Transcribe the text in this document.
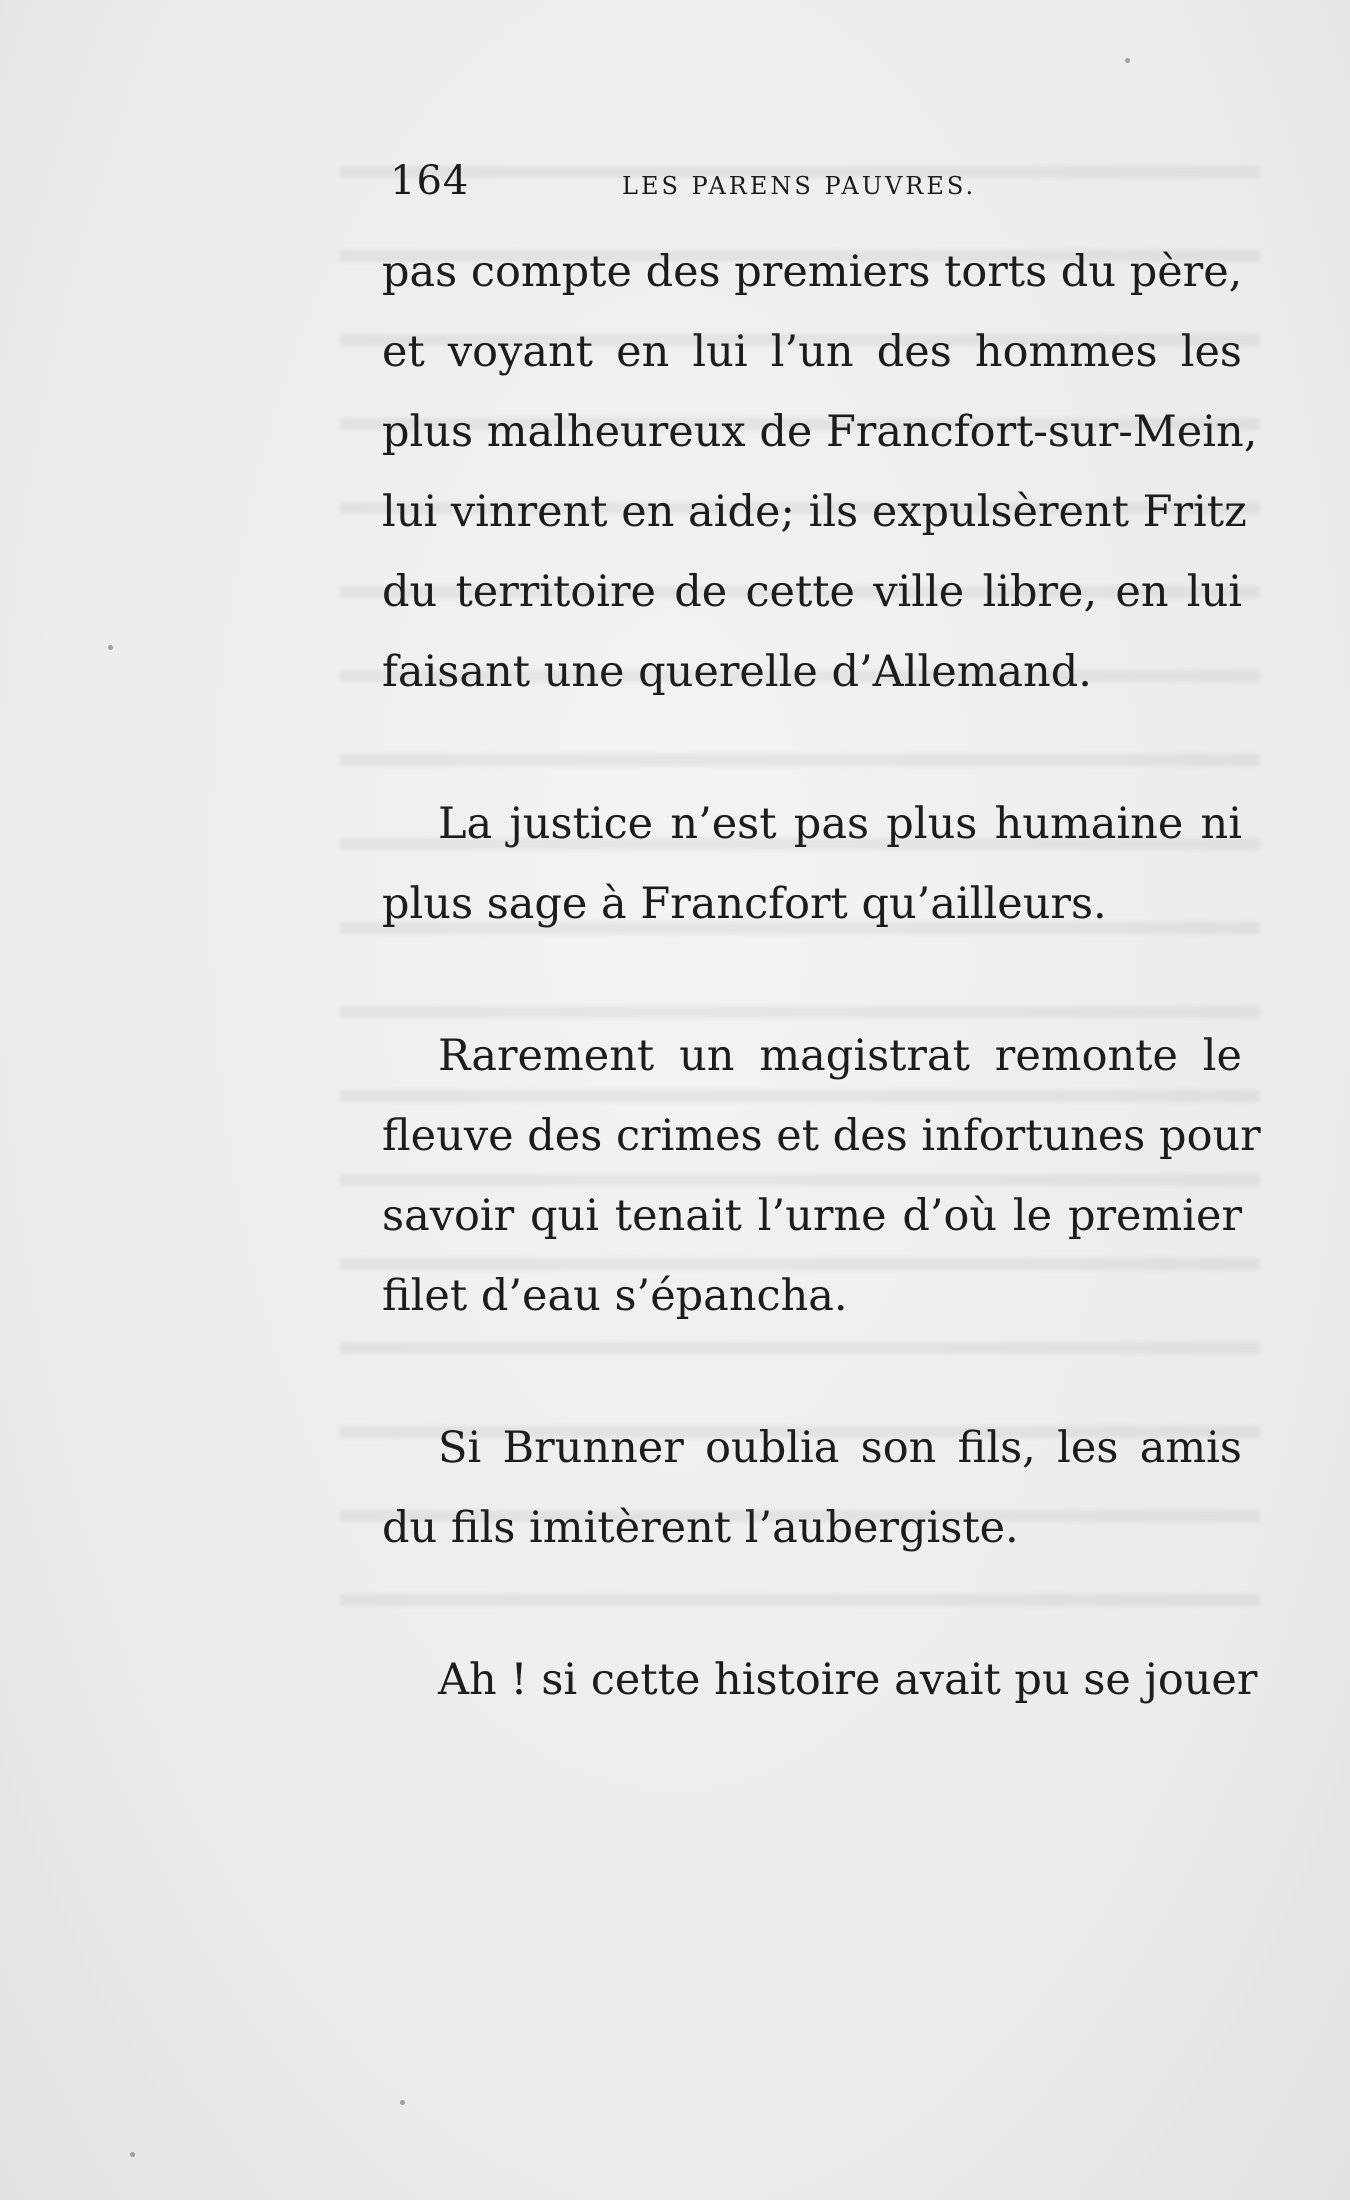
164	LES PARENS PAUVRES.
pas compte des premiers torts du père,
et voyant en lui l’un des hommes les
plus malheureux de Francfort-sur-Mein,
lui vinrent en aide; ils expulsèrent Fritz
du territoire de cette ville libre, en lui
faisant une querelle d’Allemand.
La justice n’est pas plus humaine ni
plus sage à Francfort qu’ailleurs.
Rarement un magistrat remonte le
fleuve des crimes et des infortunes pour
savoir qui tenait l’urne d’où le premier
filet d’eau s’épancha.
Si Brunner oublia son fils, les amis
du fils imitèrent l’aubergiste.
Ah ! si cette histoire avait pu se jouer
